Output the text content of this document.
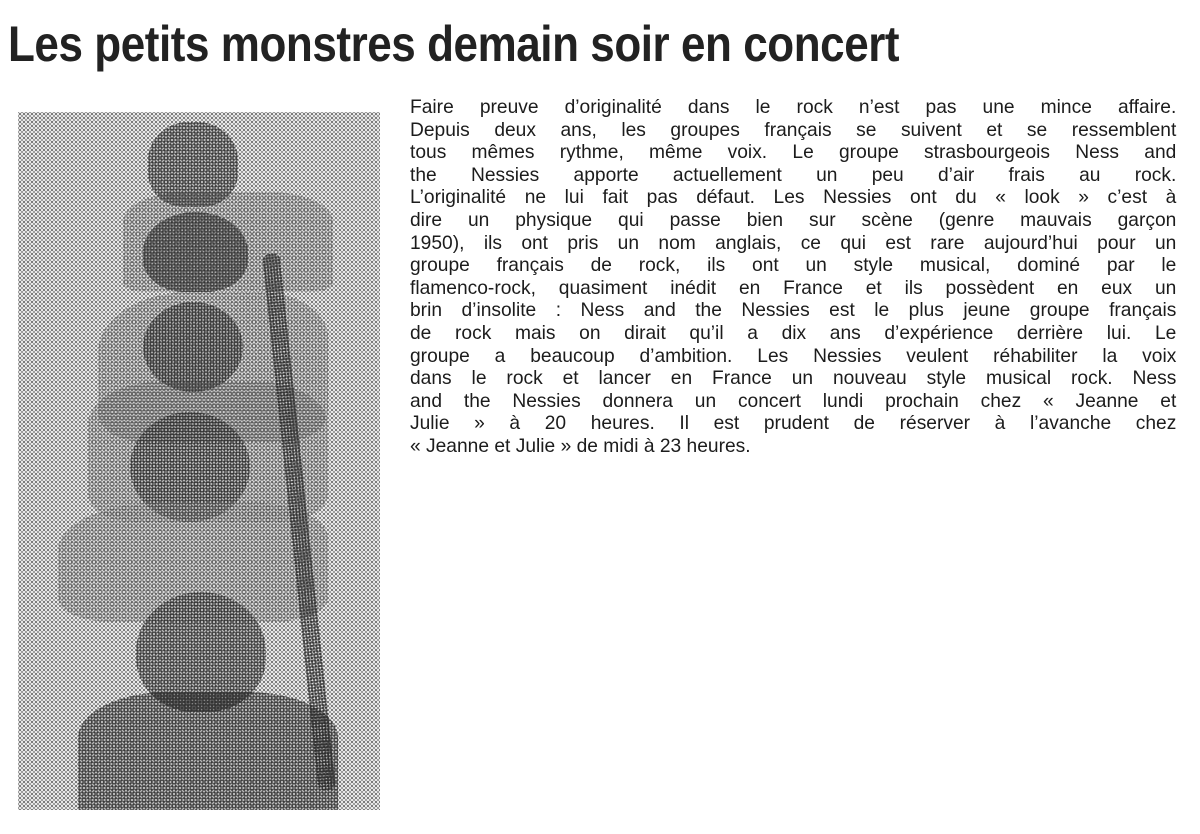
Les petits monstres demain soir en concert
Faire preuve d’originalité dans le rock n’est pas une mince affaire.
Depuis deux ans, les groupes français se suivent et se ressemblent
tous mêmes rythme, même voix. Le groupe strasbourgeois Ness and
the Nessies apporte actuellement un peu d’air frais au rock.
L’originalité ne lui fait pas défaut. Les Nessies ont du « look » c’est à
dire un physique qui passe bien sur scène (genre mauvais garçon
1950), ils ont pris un nom anglais, ce qui est rare aujourd’hui pour un
groupe français de rock, ils ont un style musical, dominé par le
flamenco-rock, quasiment inédit en France et ils possèdent en eux un
brin d’insolite : Ness and the Nessies est le plus jeune groupe français
de rock mais on dirait qu’il a dix ans d’expérience derrière lui. Le
groupe a beaucoup d’ambition. Les Nessies veulent réhabiliter la voix
dans le rock et lancer en France un nouveau style musical rock. Ness
and the Nessies donnera un concert lundi prochain chez « Jeanne et
Julie » à 20 heures. Il est prudent de réserver à l’avanche chez
« Jeanne et Julie » de midi à 23 heures.
